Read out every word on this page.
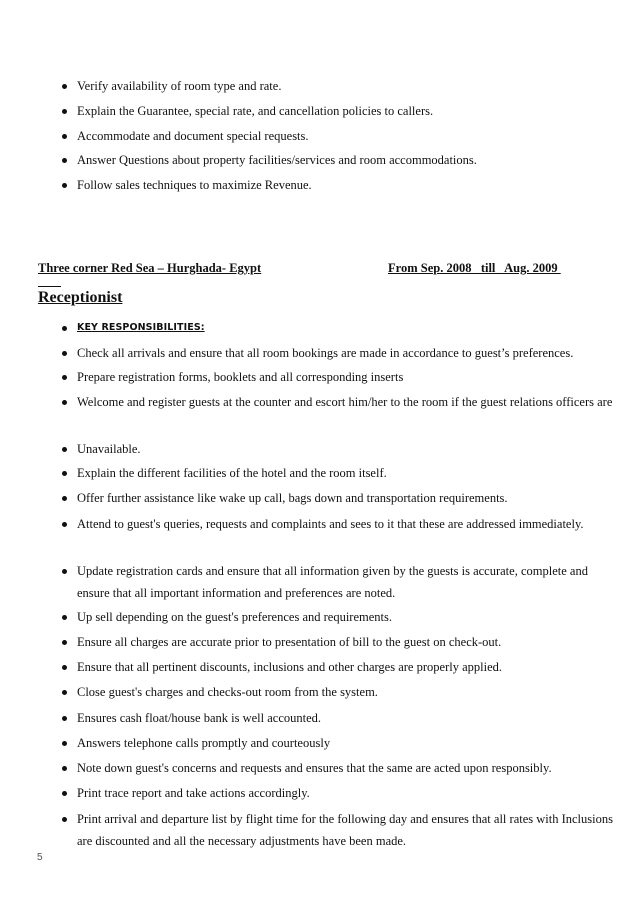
Verify availability of room type and rate.
Explain the Guarantee, special rate, and cancellation policies to callers.
Accommodate and document special requests.
Answer Questions about property facilities/services and room accommodations.
Follow sales techniques to maximize Revenue.
Three corner Red Sea – Hurghada- Egypt	From Sep. 2008   till   Aug. 2009
Receptionist
KEY RESPONSIBILITIES:
Check all arrivals and ensure that all room bookings are made in accordance to guest’s preferences.
Prepare registration forms, booklets and all corresponding inserts
Welcome and register guests at the counter and escort him/her to the room if the guest relations officers are
Unavailable.
Explain the different facilities of the hotel and the room itself.
Offer further assistance like wake up call, bags down and transportation requirements.
Attend to guest's queries, requests and complaints and sees to it that these are addressed immediately.
Update registration cards and ensure that all information given by the guests is accurate, complete and ensure that all important information and preferences are noted.
Up sell depending on the guest's preferences and requirements.
Ensure all charges are accurate prior to presentation of bill to the guest on check-out.
Ensure that all pertinent discounts, inclusions and other charges are properly applied.
Close guest's charges and checks-out room from the system.
Ensures cash float/house bank is well accounted.
Answers telephone calls promptly and courteously
Note down guest's concerns and requests and ensures that the same are acted upon responsibly.
Print trace report and take actions accordingly.
Print arrival and departure list by flight time for the following day and ensures that all rates with Inclusions are discounted and all the necessary adjustments have been made.
5
